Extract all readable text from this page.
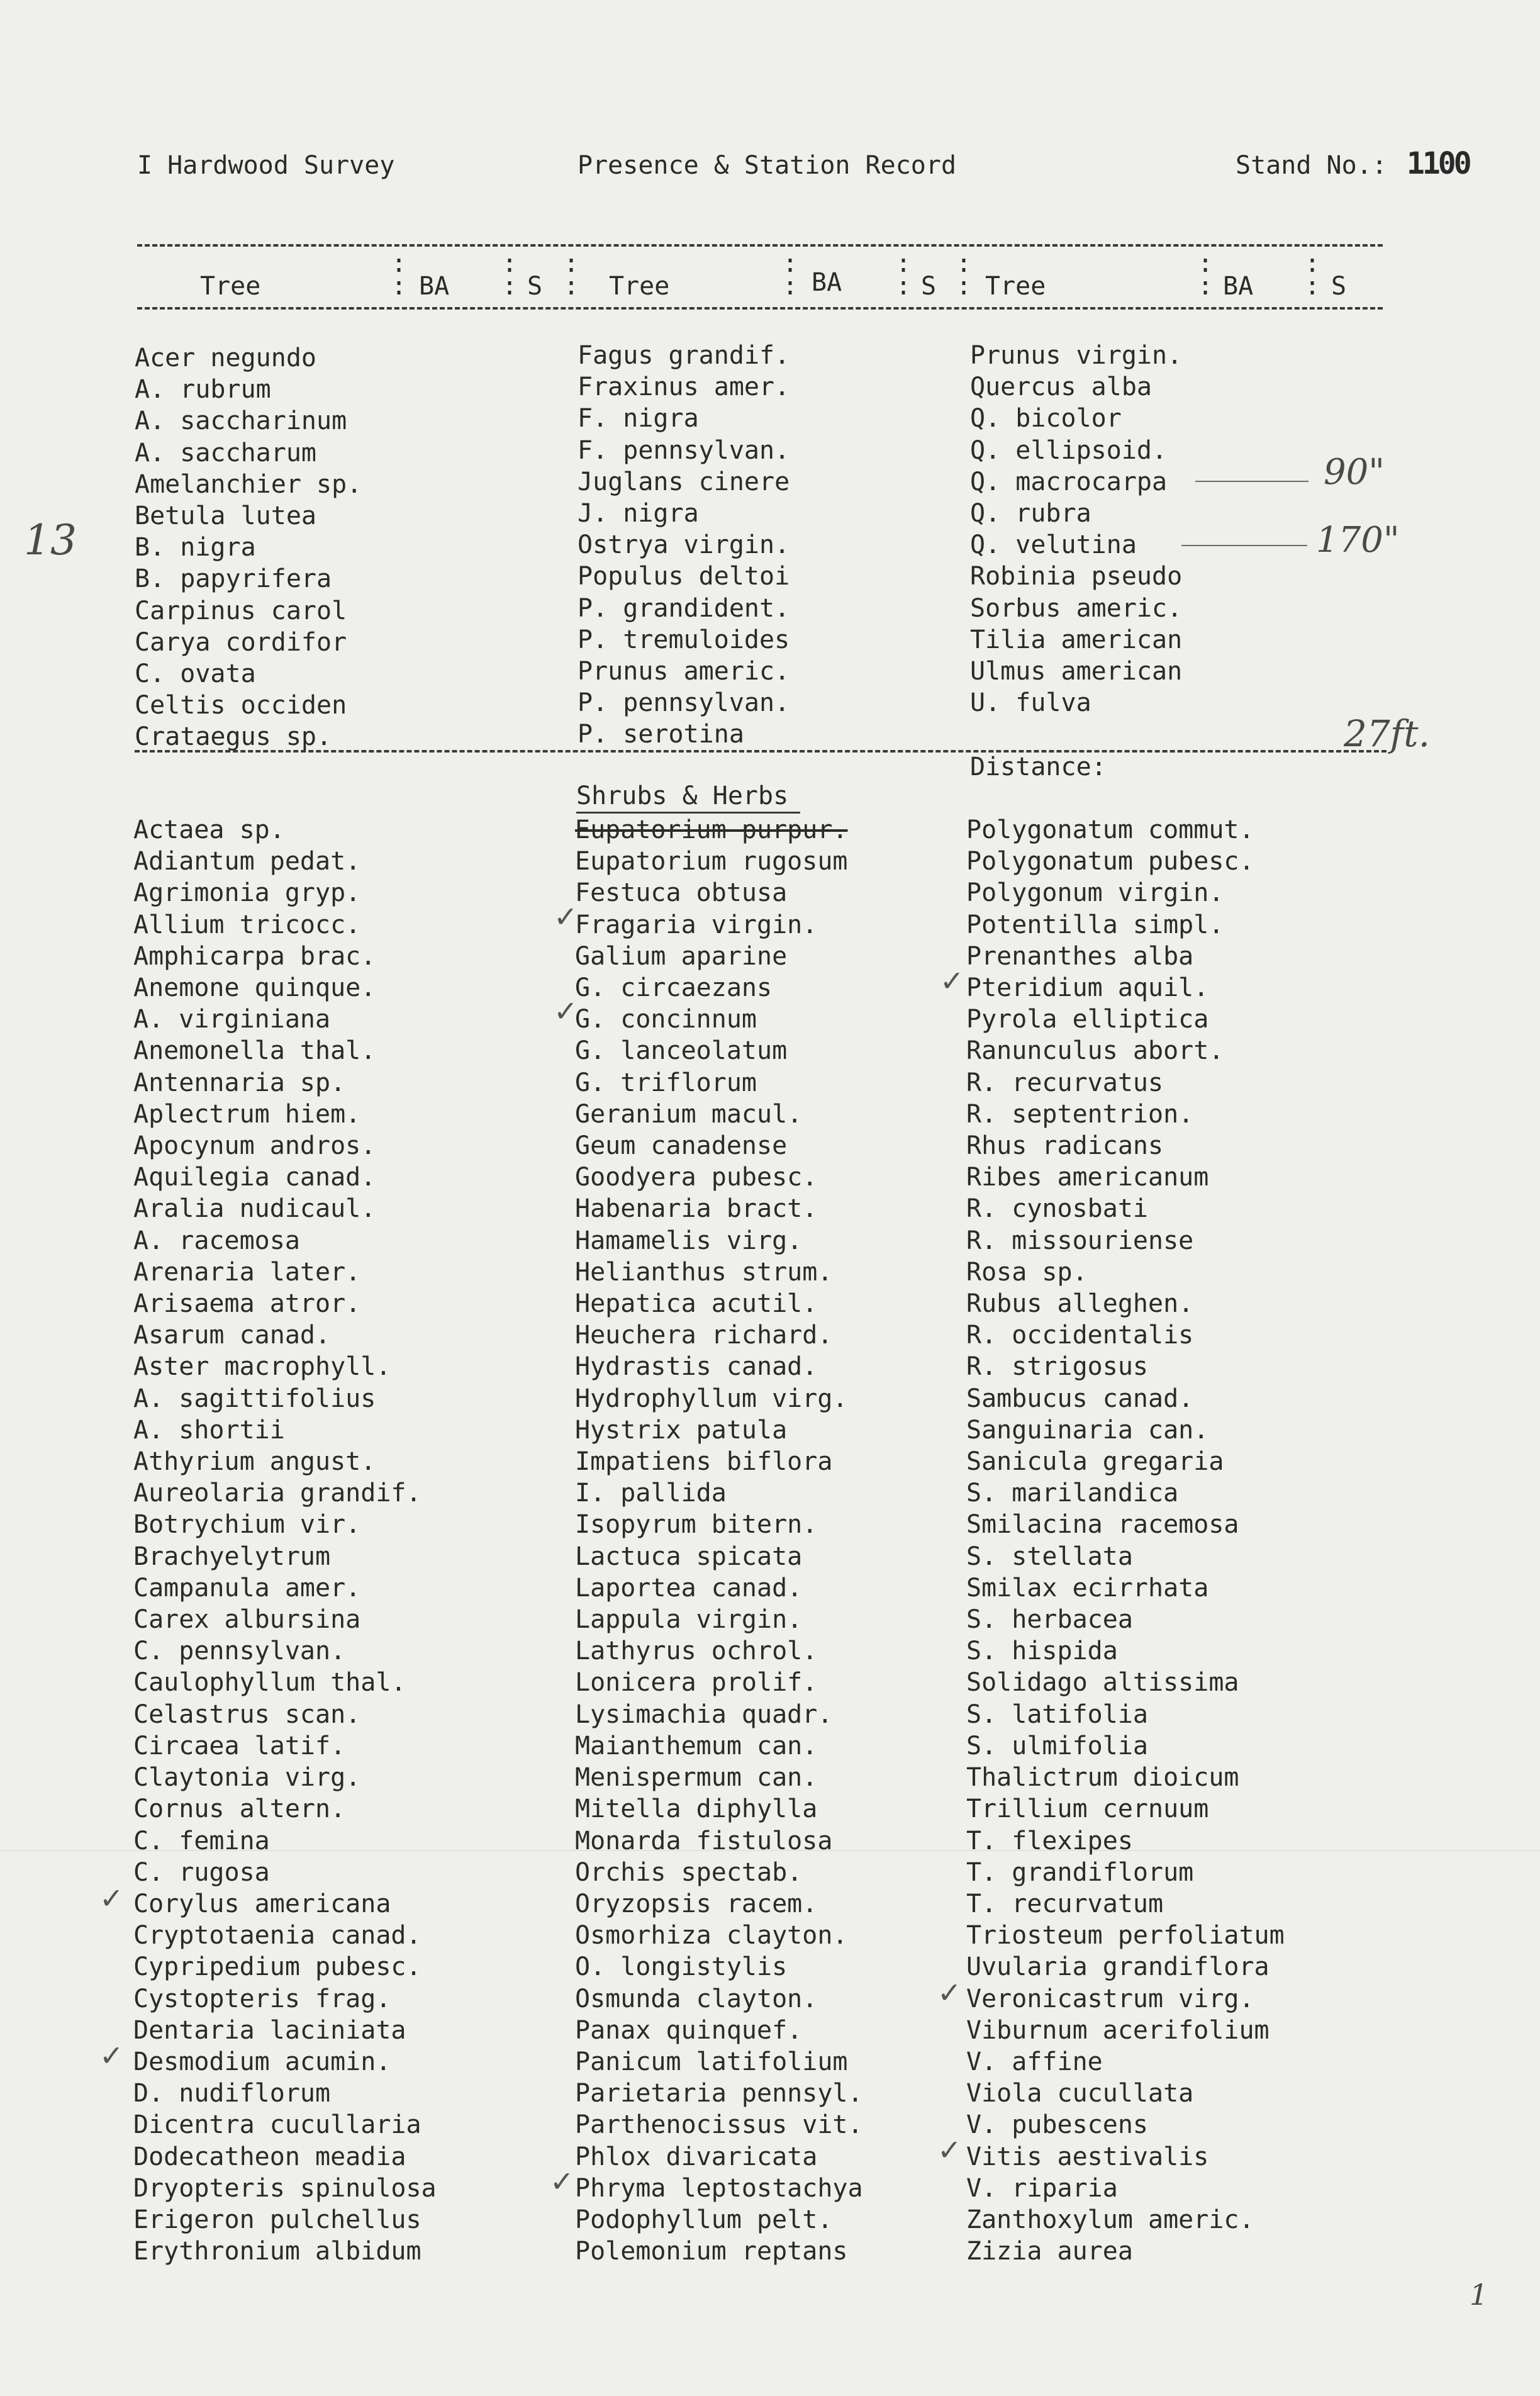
I Hardwood Survey	Presence & Station Record	Stand No.: 1100
Tree
:
: BA
:
: S
:
: Tree
:
: BA
:
: S
:
: Tree
:
: BA
:
: S
Acer negundo
A. rubrum
A. saccharinum
A. saccharum
Amelanchier sp.
Betula lutea
B. nigra
B. papyrifera
Carpinus carol
Carya cordifor
C. ovata
Celtis occiden
Crataegus sp.
Fagus grandif.
Fraxinus amer.
F. nigra
F. pennsylvan.
Juglans cinere
J. nigra
Ostrya virgin.
Populus deltoi
P. grandident.
P. tremuloides
Prunus americ.
P. pennsylvan.
P. serotina
Prunus virgin.
Quercus alba
Q. bicolor
Q. ellipsoid.
Q. macrocarpa
Q. rubra
Q. velutina
Robinia pseudo
Sorbus americ.
Tilia american
Ulmus american
U. fulva
Distance:
Shrubs & Herbs
Actaea sp.
Adiantum pedat.
Agrimonia gryp.
Allium tricocc.
Amphicarpa brac.
Anemone quinque.
A. virginiana
Anemonella thal.
Antennaria sp.
Aplectrum hiem.
Apocynum andros.
Aquilegia canad.
Aralia nudicaul.
A. racemosa
Arenaria later.
Arisaema atror.
Asarum canad.
Aster macrophyll.
A. sagittifolius
A. shortii
Athyrium angust.
Aureolaria grandif.
Botrychium vir.
Brachyelytrum
Campanula amer.
Carex albursina
C. pennsylvan.
Caulophyllum thal.
Celastrus scan.
Circaea latif.
Claytonia virg.
Cornus altern.
C. femina
C. rugosa
Corylus americana
Cryptotaenia canad.
Cypripedium pubesc.
Cystopteris frag.
Dentaria laciniata
Desmodium acumin.
D. nudiflorum
Dicentra cucullaria
Dodecatheon meadia
Dryopteris spinulosa
Erigeron pulchellus
Erythronium albidum
Eupatorium purpur.
Eupatorium rugosum
Festuca obtusa
Fragaria virgin.
Galium aparine
G. circaezans
G. concinnum
G. lanceolatum
G. triflorum
Geranium macul.
Geum canadense
Goodyera pubesc.
Habenaria bract.
Hamamelis virg.
Helianthus strum.
Hepatica acutil.
Heuchera richard.
Hydrastis canad.
Hydrophyllum virg.
Hystrix patula
Impatiens biflora
I. pallida
Isopyrum bitern.
Lactuca spicata
Laportea canad.
Lappula virgin.
Lathyrus ochrol.
Lonicera prolif.
Lysimachia quadr.
Maianthemum can.
Menispermum can.
Mitella diphylla
Monarda fistulosa
Orchis spectab.
Oryzopsis racem.
Osmorhiza clayton.
O. longistylis
Osmunda clayton.
Panax quinquef.
Panicum latifolium
Parietaria pennsyl.
Parthenocissus vit.
Phlox divaricata
Phryma leptostachya
Podophyllum pelt.
Polemonium reptans
Polygonatum commut.
Polygonatum pubesc.
Polygonum virgin.
Potentilla simpl.
Prenanthes alba
Pteridium aquil.
Pyrola elliptica
Ranunculus abort.
R. recurvatus
R. septentrion.
Rhus radicans
Ribes americanum
R. cynosbati
R. missouriense
Rosa sp.
Rubus alleghen.
R. occidentalis
R. strigosus
Sambucus canad.
Sanguinaria can.
Sanicula gregaria
S. marilandica
Smilacina racemosa
S. stellata
Smilax ecirrhata
S. herbacea
S. hispida
Solidago altissima
S. latifolia
S. ulmifolia
Thalictrum dioicum
Trillium cernuum
T. flexipes
T. grandiflorum
T. recurvatum
Triosteum perfoliatum
Uvularia grandiflora
Veronicastrum virg.
Viburnum acerifolium
V. affine
Viola cucullata
V. pubescens
Vitis aestivalis
V. riparia
Zanthoxylum americ.
Zizia aurea
13
90"
170"
27ft.
1
✓
✓
✓
✓
✓
✓
✓
✓
